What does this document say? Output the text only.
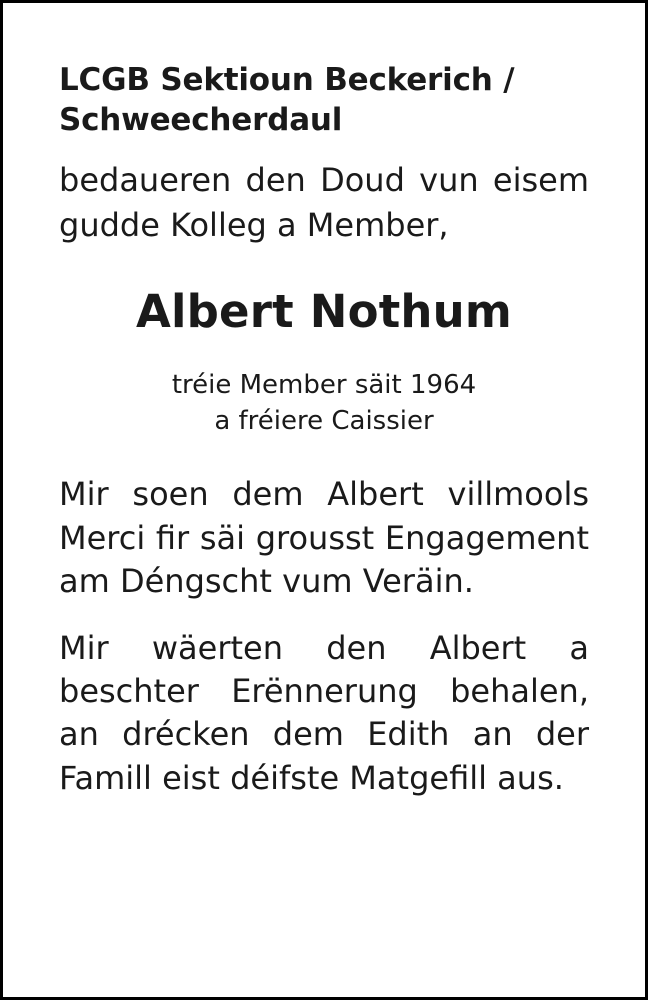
LCGB Sektioun Beckerich / Schweecherdaul
bedaueren den Doud vun eisem gudde Kolleg a Member,
Albert Nothum
tréie Member säit 1964
a fréiere Caissier
Mir soen dem Albert villmools Merci fir säi grousst Engagement am Déngscht vum Veräin.
Mir wäerten den Albert a beschter Erënnerung behalen, an drécken dem Edith an der Famill eist déifste Matgefill aus.
